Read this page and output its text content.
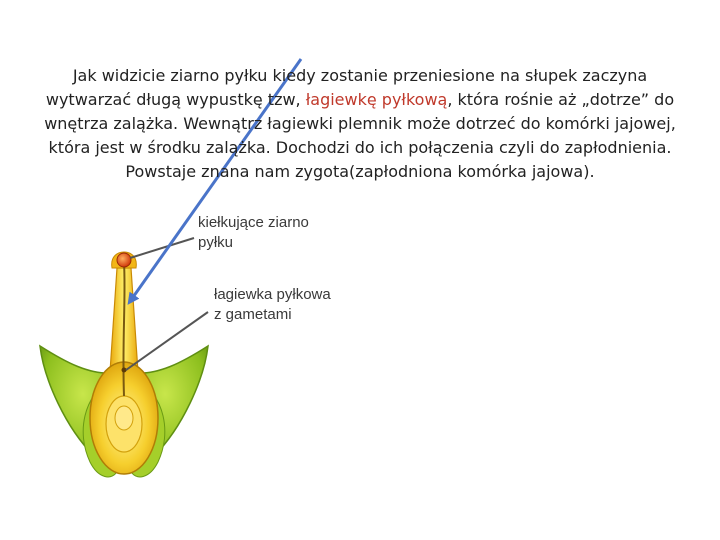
Jak widzicie ziarno pyłku kiedy zostanie przeniesione na słupek zaczyna wytwarzać długą wypustkę tzw, łagiewkę pyłkową, która rośnie aż „dotrze” do wnętrza zalążka. Wewnątrz łagiewki plemnik może dotrzeć do komórki jajowej, która jest w środku zalążka. Dochodzi do ich połączenia czyli do zapłodnienia. Powstaje znana nam zygota(zapłodniona komórka jajowa).

kiełkujące ziarno
pyłku
łagiewka pyłkowa
z gametami
